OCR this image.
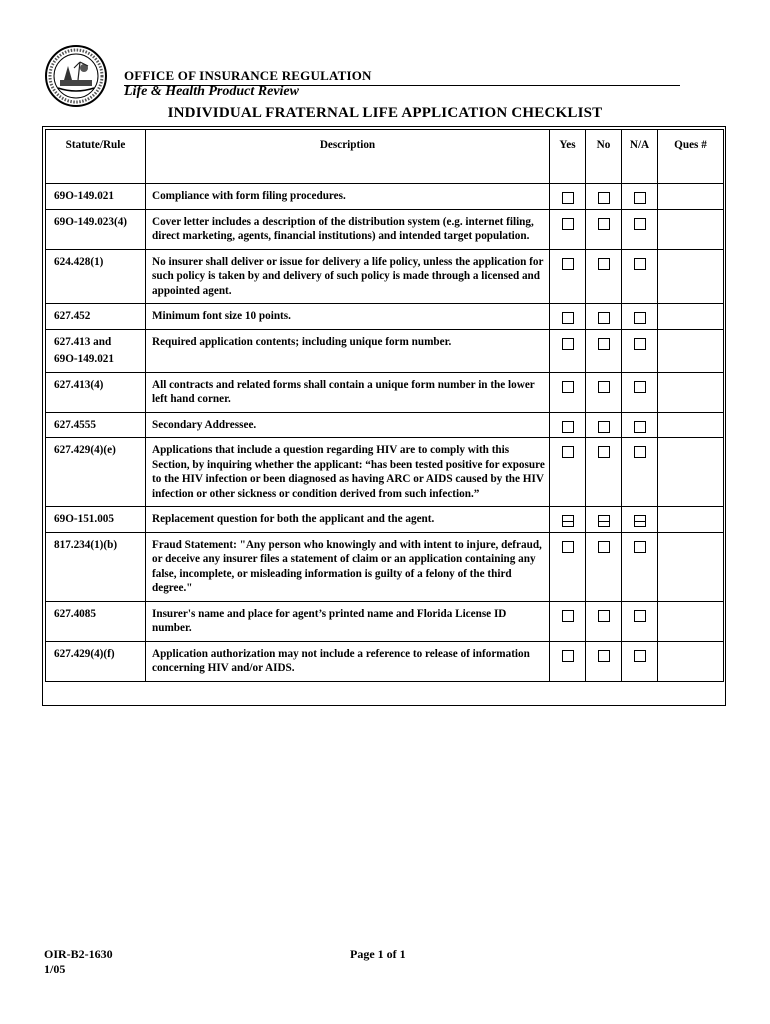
OFFICE OF INSURANCE REGULATION
Life & Health Product Review
INDIVIDUAL FRATERNAL LIFE APPLICATION CHECKLIST
Statute/Rule	Description	Yes	No	N/A	Ques #

69O-149.021	Compliance with form filing procedures.				

69O-149.023(4)	Cover letter includes a description of the distribution system (e.g. internet filing, direct marketing, agents, financial institutions) and intended target population.				

624.428(1)	No insurer shall deliver or issue for delivery a life policy, unless the application for such policy is taken by and delivery of such policy is made through a licensed and appointed agent.				

627.452	Minimum font size 10 points.				

627.413 and
69O-149.021	Required application contents; including unique form number.				

627.413(4)	All contracts and related forms shall contain a unique form number in the lower left hand corner.				

627.4555	Secondary Addressee.				

627.429(4)(e)	Applications that include a question regarding HIV are to comply with this Section, by inquiring whether the applicant: “has been tested positive for exposure to the HIV infection or been diagnosed as having ARC or AIDS caused by the HIV infection or other sickness or condition derived from such infection.”				

69O-151.005	Replacement question for both the applicant and the agent.				

817.234(1)(b)	Fraud Statement: "Any person who knowingly and with intent to injure, defraud, or deceive any insurer files a statement of claim or an application containing any false, incomplete, or misleading information is guilty of a felony of the third degree."				

627.4085	Insurer's name and place for agent’s printed name and Florida License ID number.				

627.429(4)(f)	Application authorization may not include a reference to release of information concerning HIV and/or AIDS.				
OIR-B2-1630
1/05
Page 1 of 1
